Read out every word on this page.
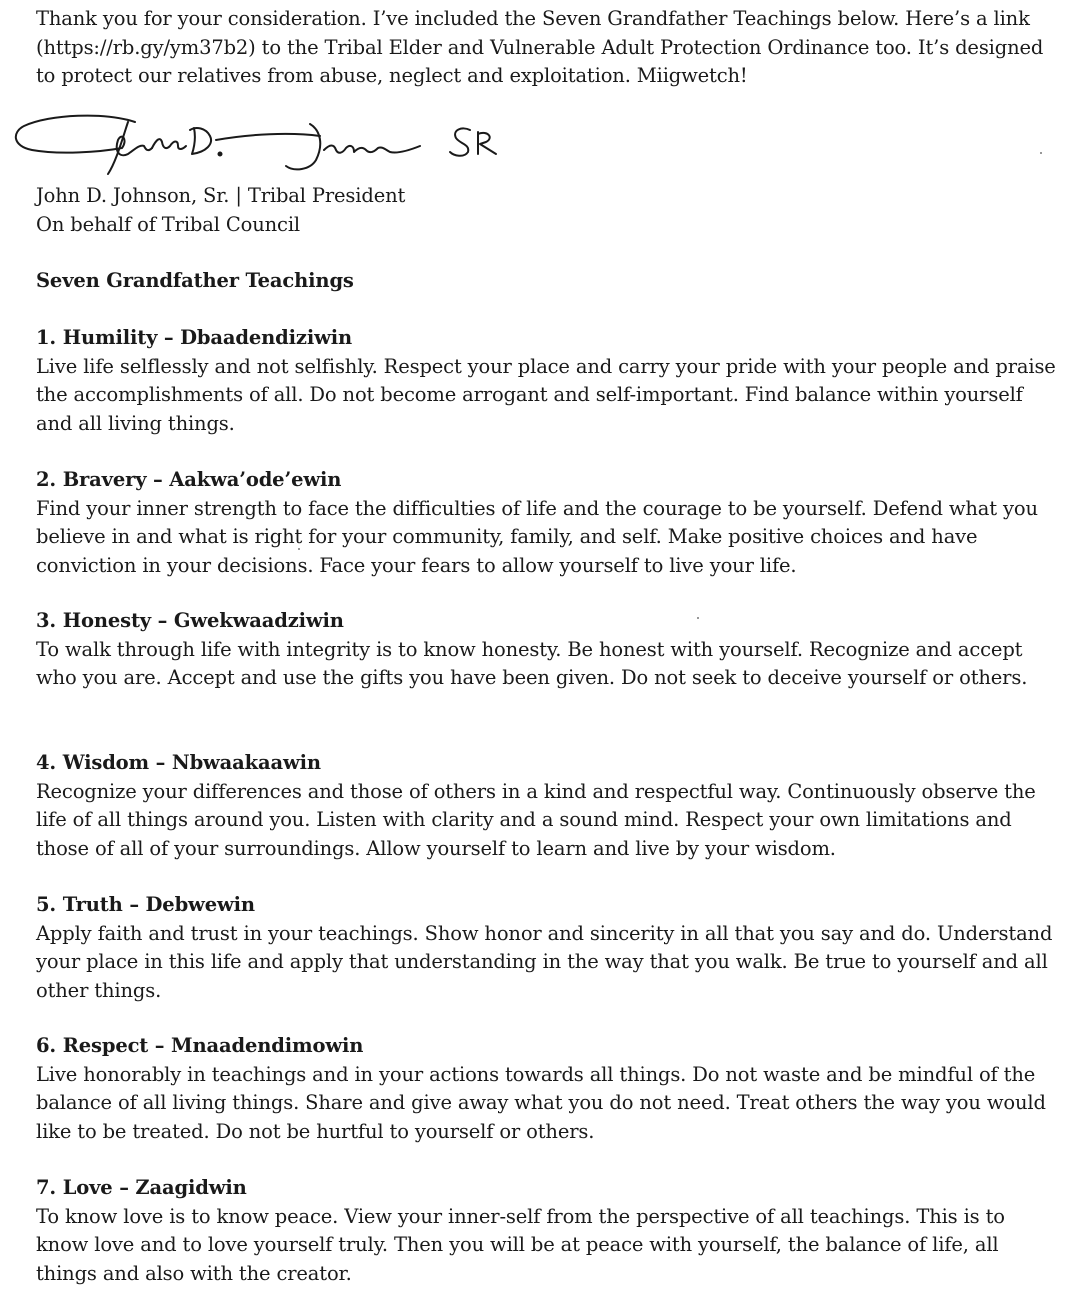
Thank you for your consideration. I’ve included the Seven Grandfather Teachings below. Here’s a link (https://rb.gy/ym37b2) to the Tribal Elder and Vulnerable Adult Protection Ordinance too. It’s designed to protect our relatives from abuse, neglect and exploitation. Miigwetch!

John D. Johnson, Sr. | Tribal President
On behalf of Tribal Council

Seven Grandfather Teachings

1. Humility – Dbaadendiziwin

Live life selflessly and not selfishly. Respect your place and carry your pride with your people and praise the accomplishments of all. Do not become arrogant and self-important. Find balance within yourself and all living things.

2. Bravery – Aakwa’ode’ewin

Find your inner strength to face the difficulties of life and the courage to be yourself. Defend what you believe in and what is right for your community, family, and self. Make positive choices and have conviction in your decisions. Face your fears to allow yourself to live your life.

3. Honesty – Gwekwaadziwin

To walk through life with integrity is to know honesty. Be honest with yourself. Recognize and accept who you are. Accept and use the gifts you have been given. Do not seek to deceive yourself or others.

4. Wisdom – Nbwaakaawin

Recognize your differences and those of others in a kind and respectful way. Continuously observe the life of all things around you. Listen with clarity and a sound mind. Respect your own limitations and those of all of your surroundings. Allow yourself to learn and live by your wisdom.

5. Truth – Debwewin

Apply faith and trust in your teachings. Show honor and sincerity in all that you say and do. Understand your place in this life and apply that understanding in the way that you walk. Be true to yourself and all other things.

6. Respect – Mnaadendimowin

Live honorably in teachings and in your actions towards all things. Do not waste and be mindful of the balance of all living things. Share and give away what you do not need. Treat others the way you would like to be treated. Do not be hurtful to yourself or others.

7. Love – Zaagidwin

To know love is to know peace. View your inner-self from the perspective of all teachings. This is to know love and to love yourself truly. Then you will be at peace with yourself, the balance of life, all things and also with the creator.
